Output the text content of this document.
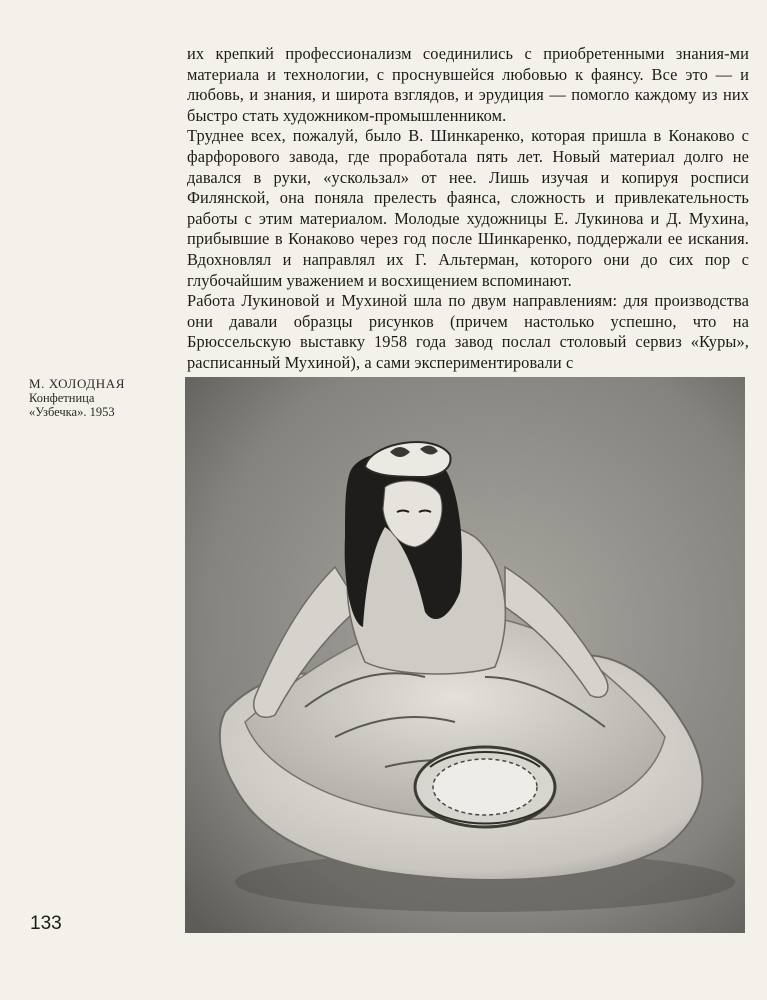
их крепкий профессионализм соединились с приобретенными знания-ми материала и технологии, с проснувшейся любовью к фаянсу. Все это — и любовь, и знания, и широта взглядов, и эрудиция — помогло каждому из них быстро стать художником-промышленником.

Труднее всех, пожалуй, было В. Шинкаренко, которая пришла в Конаково с фарфорового завода, где проработала пять лет. Новый материал долго не давался в руки, «ускользал» от нее. Лишь изучая и копируя росписи Филянской, она поняла прелесть фаянса, сложность и привлекательность работы с этим материалом. Молодые художницы Е. Лукинова и Д. Мухина, прибывшие в Конаково через год после Шинкаренко, поддержали ее искания. Вдохновлял и направлял их Г. Альтерман, которого они до сих пор с глубочайшим уважением и восхищением вспоминают.

Работа Лукиновой и Мухиной шла по двум направлениям: для производства они давали образцы рисунков (причем настолько успешно, что на Брюссельскую выставку 1958 года завод послал столовый сервиз «Куры», расписанный Мухиной), а сами экспериментировали с

М. ХОЛОДНАЯ
Конфетница
«Узбечка». 1953
133
